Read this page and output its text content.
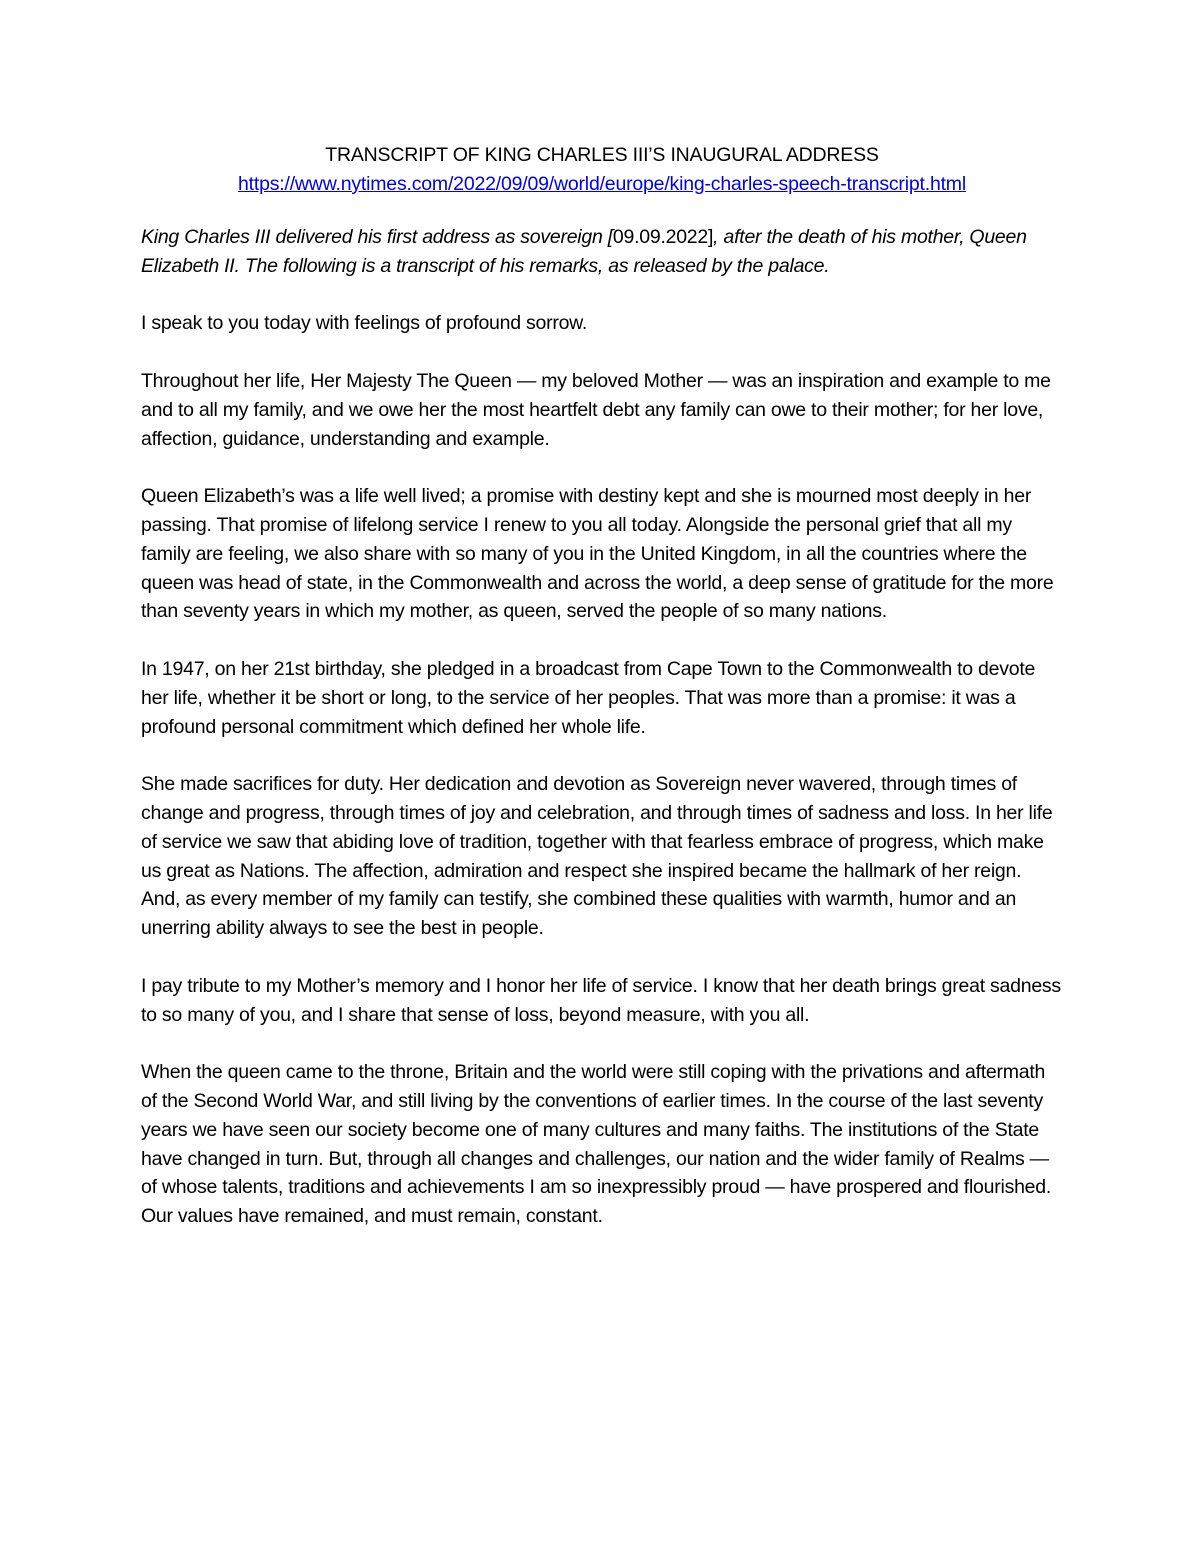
TRANSCRIPT OF KING CHARLES III’S INAUGURAL ADDRESS
https://www.nytimes.com/2022/09/09/world/europe/king-charles-speech-transcript.html

King Charles III delivered his first address as sovereign [09.09.2022], after the death of his mother, Queen Elizabeth II. The following is a transcript of his remarks, as released by the palace.

I speak to you today with feelings of profound sorrow.

Throughout her life, Her Majesty The Queen — my beloved Mother — was an inspiration and example to me and to all my family, and we owe her the most heartfelt debt any family can owe to their mother; for her love, affection, guidance, understanding and example.

Queen Elizabeth’s was a life well lived; a promise with destiny kept and she is mourned most deeply in her passing. That promise of lifelong service I renew to you all today. Alongside the personal grief that all my family are feeling, we also share with so many of you in the United Kingdom, in all the countries where the queen was head of state, in the Commonwealth and across the world, a deep sense of gratitude for the more than seventy years in which my mother, as queen, served the people of so many nations.

In 1947, on her 21st birthday, she pledged in a broadcast from Cape Town to the Commonwealth to devote her life, whether it be short or long, to the service of her peoples. That was more than a promise: it was a profound personal commitment which defined her whole life.

She made sacrifices for duty. Her dedication and devotion as Sovereign never wavered, through times of change and progress, through times of joy and celebration, and through times of sadness and loss. In her life of service we saw that abiding love of tradition, together with that fearless embrace of progress, which make us great as Nations. The affection, admiration and respect she inspired became the hallmark of her reign. And, as every member of my family can testify, she combined these qualities with warmth, humor and an unerring ability always to see the best in people.

I pay tribute to my Mother’s memory and I honor her life of service. I know that her death brings great sadness to so many of you, and I share that sense of loss, beyond measure, with you all.

When the queen came to the throne, Britain and the world were still coping with the privations and aftermath of the Second World War, and still living by the conventions of earlier times. In the course of the last seventy years we have seen our society become one of many cultures and many faiths. The institutions of the State have changed in turn. But, through all changes and challenges, our nation and the wider family of Realms — of whose talents, traditions and achievements I am so inexpressibly proud — have prospered and flourished. Our values have remained, and must remain, constant.
